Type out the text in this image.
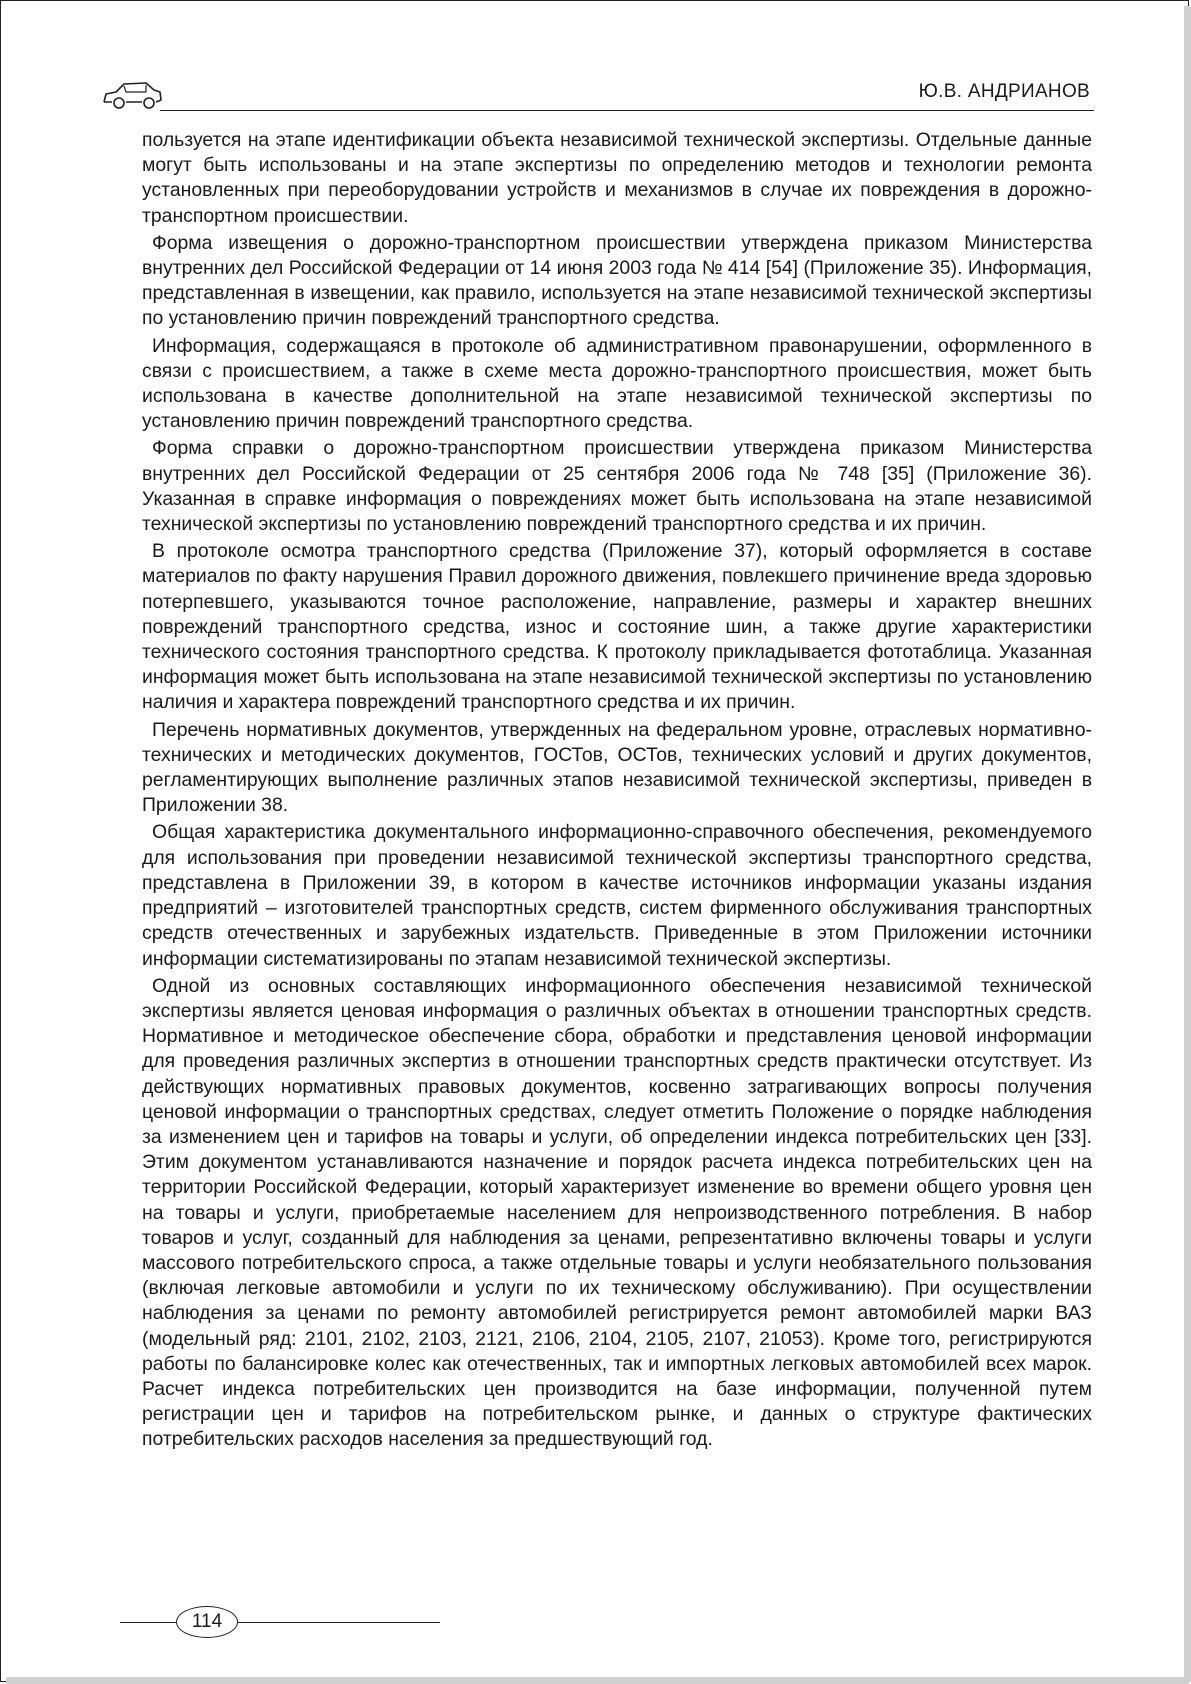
Ю.В. АНДРИАНОВ

пользуется на этапе идентификации объекта независимой технической экспертизы. Отдельные данные могут быть использованы и на этапе экспертизы по определению методов и технологии ремонта установленных при переоборудовании устройств и механизмов в случае их повреждения в дорожно-транспортном происшествии.

Форма извещения о дорожно-транспортном происшествии утверждена приказом Министерства внутренних дел Российской Федерации от 14 июня 2003 года № 414 [54] (Приложение 35). Информация, представленная в извещении, как правило, используется на этапе независимой технической экспертизы по установлению причин повреждений транспортного средства.

Информация, содержащаяся в протоколе об административном правонарушении, оформленного в связи с происшествием, а также в схеме места дорожно-транспортного происшествия, может быть использована в качестве дополнительной на этапе независимой технической экспертизы по установлению причин повреждений транспортного средства.

Форма справки о дорожно-транспортном происшествии утверждена приказом Министерства внутренних дел Российской Федерации от 25 сентября 2006 года № 748 [35] (Приложение 36). Указанная в справке информация о повреждениях может быть использована на этапе независимой технической экспертизы по установлению повреждений транспортного средства и их причин.

В протоколе осмотра транспортного средства (Приложение 37), который оформляется в составе материалов по факту нарушения Правил дорожного движения, повлекшего причинение вреда здоровью потерпевшего, указываются точное расположение, направление, размеры и характер внешних повреждений транспортного средства, износ и состояние шин, а также другие характеристики технического состояния транспортного средства. К протоколу прикладывается фототаблица. Указанная информация может быть использована на этапе независимой технической экспертизы по установлению наличия и характера повреждений транспортного средства и их причин.

Перечень нормативных документов, утвержденных на федеральном уровне, отраслевых нормативно-технических и методических документов, ГОСТов, ОСТов, технических условий и других документов, регламентирующих выполнение различных этапов независимой технической экспертизы, приведен в Приложении 38.

Общая характеристика документального информационно-справочного обеспечения, рекомендуемого для использования при проведении независимой технической экспертизы транспортного средства, представлена в Приложении 39, в котором в качестве источников информации указаны издания предприятий – изготовителей транспортных средств, систем фирменного обслуживания транспортных средств отечественных и зарубежных издательств. Приведенные в этом Приложении источники информации систематизированы по этапам независимой технической экспертизы.

Одной из основных составляющих информационного обеспечения независимой технической экспертизы является ценовая информация о различных объектах в отношении транспортных средств. Нормативное и методическое обеспечение сбора, обработки и представления ценовой информации для проведения различных экспертиз в отношении транспортных средств практически отсутствует. Из действующих нормативных правовых документов, косвенно затрагивающих вопросы получения ценовой информации о транспортных средствах, следует отметить Положение о порядке наблюдения за изменением цен и тарифов на товары и услуги, об определении индекса потребительских цен [33]. Этим документом устанавливаются назначение и порядок расчета индекса потребительских цен на территории Российской Федерации, который характеризует изменение во времени общего уровня цен на товары и услуги, приобретаемые населением для непроизводственного потребления. В набор товаров и услуг, созданный для наблюдения за ценами, репрезентативно включены товары и услуги массового потребительского спроса, а также отдельные товары и услуги необязательного пользования (включая легковые автомобили и услуги по их техническому обслуживанию). При осуществлении наблюдения за ценами по ремонту автомобилей регистрируется ремонт автомобилей марки ВАЗ (модельный ряд: 2101, 2102, 2103, 2121, 2106, 2104, 2105, 2107, 21053). Кроме того, регистрируются работы по балансировке колес как отечественных, так и импортных легковых автомобилей всех марок. Расчет индекса потребительских цен производится на базе информации, полученной путем регистрации цен и тарифов на потребительском рынке, и данных о структуре фактических потребительских расходов населения за предшествующий год.

114
